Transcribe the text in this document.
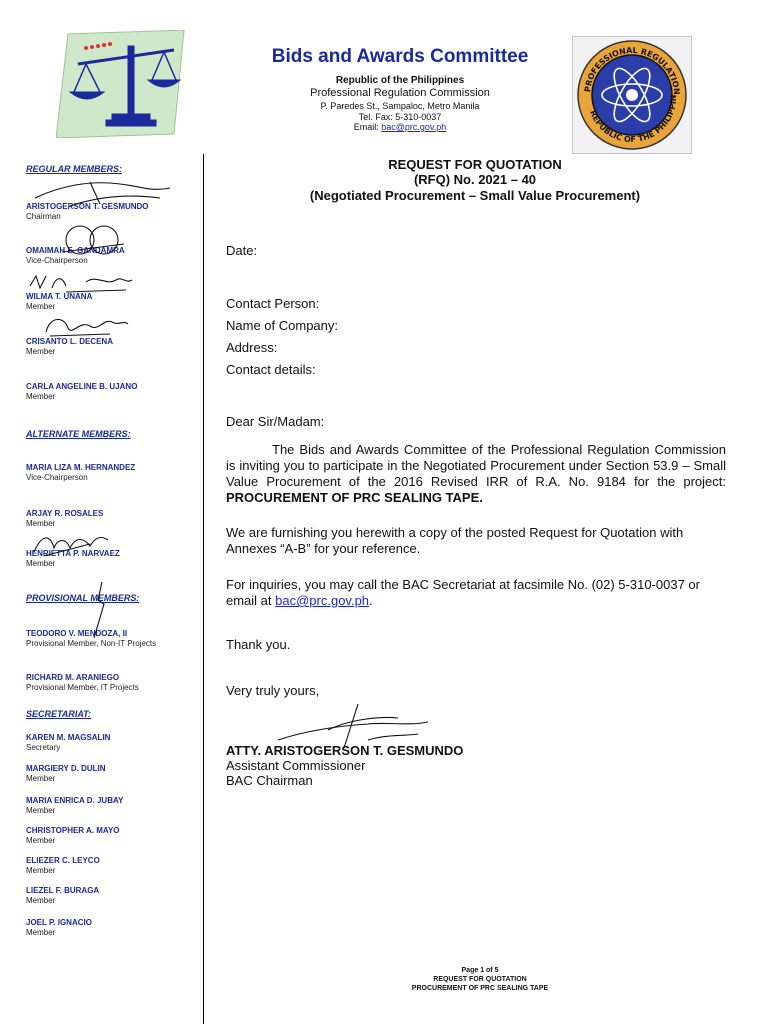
Bids and Awards Committee
Republic of the Philippines
Professional Regulation Commission
P. Paredes St., Sampaloc, Metro Manila
Tel. Fax: 5-310-0037
Email: bac@prc.gov.ph
PROFESSIONAL REGULATION
REPUBLIC OF THE PHILIPPIN
REGULAR MEMBERS:
ARISTOGERSON T. GESMUNDO
Chairman
OMAIMAH E. GANDAMRA
Vice-Chairperson
WILMA T. UNANA
Member
CRISANTO L. DECENA
Member
CARLA ANGELINE B. UJANO
Member
ALTERNATE MEMBERS:
MARIA LIZA M. HERNANDEZ
Vice-Chairperson
ARJAY R. ROSALES
Member
HENRIETTA P. NARVAEZ
Member
PROVISIONAL MEMBERS:
TEODORO V. MENDOZA, II
Provisional Member, Non-IT Projects
RICHARD M. ARANIEGO
Provisional Member, IT Projects
SECRETARIAT:
KAREN M. MAGSALIN
Secretary
MARGIERY D. DULIN
Member
MARIA ENRICA D. JUBAY
Member
CHRISTOPHER A. MAYO
Member
ELIEZER C. LEYCO
Member
LIEZEL F. BURAGA
Member
JOEL P. IGNACIO
Member
REQUEST FOR QUOTATION
(RFQ) No. 2021 – 40
(Negotiated Procurement – Small Value Procurement)
Date:
Contact Person:
Name of Company:
Address:
Contact details:
Dear Sir/Madam:
The Bids and Awards Committee of the Professional Regulation Commission is inviting you to participate in the Negotiated Procurement under Section 53.9 – Small Value Procurement of the 2016 Revised IRR of R.A. No. 9184 for the project: PROCUREMENT OF PRC SEALING TAPE.
We are furnishing you herewith a copy of the posted Request for Quotation with Annexes “A-B” for your reference.
For inquiries, you may call the BAC Secretariat at facsimile No. (02) 5-310-0037 or email at bac@prc.gov.ph.
Thank you.
Very truly yours,
ATTY. ARISTOGERSON T. GESMUNDO
Assistant Commissioner
BAC Chairman
Page 1 of 5
REQUEST FOR QUOTATION
PROCUREMENT OF PRC SEALING TAPE
